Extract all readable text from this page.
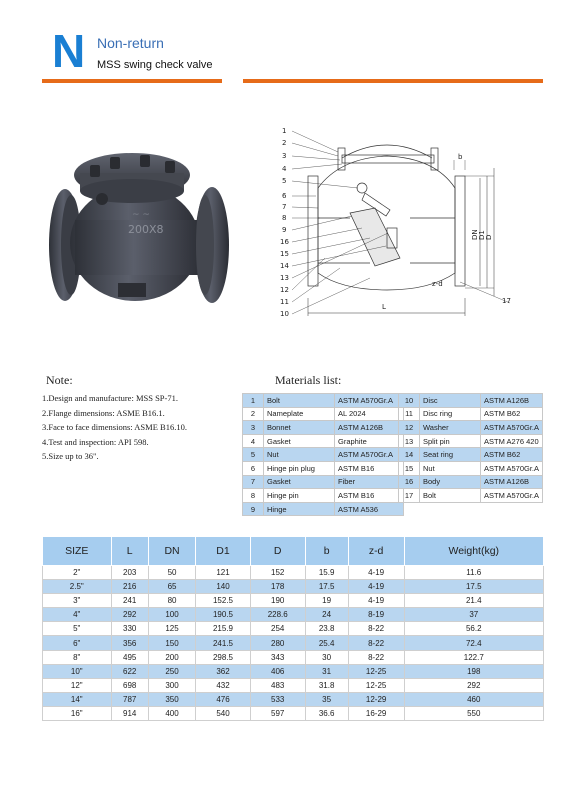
N Non-return
MSS swing check valve
200X8
~ ~
1
2
3
4
5
6
7
8
9
16
15
14
13
12
11
10
b
DN D1 D
z-d
17
L
Note:
1.Design and manufacture: MSS SP-71.
2.Flange dimensions: ASME B16.1.
3.Face to face dimensions: ASME B16.10.
4.Test and inspection: API 598.
5.Size up to 36".
Materials list:
1	Bolt	ASTM A570Gr.A
2	Nameplate	AL 2024
3	Bonnet	ASTM A126B
4	Gasket	Graphite
5	Nut	ASTM A570Gr.A
6	Hinge pin plug	ASTM B16
7	Gasket	Fiber
8	Hinge pin	ASTM B16
9	Hinge	ASTM A536
10	Disc	ASTM A126B
11	Disc ring	ASTM B62
12	Washer	ASTM A570Gr.A
13	Split pin	ASTM A276 420
14	Seat ring	ASTM B62
15	Nut	ASTM A570Gr.A
16	Body	ASTM A126B
17	Bolt	ASTM A570Gr.A
SIZE	L	DN	D1	D	b	z-d	Weight(kg)
2"	203	50	121	152	15.9	4-19	11.6
2.5"	216	65	140	178	17.5	4-19	17.5
3"	241	80	152.5	190	19	4-19	21.4
4"	292	100	190.5	228.6	24	8-19	37
5"	330	125	215.9	254	23.8	8-22	56.2
6"	356	150	241.5	280	25.4	8-22	72.4
8"	495	200	298.5	343	30	8-22	122.7
10"	622	250	362	406	31	12-25	198
12"	698	300	432	483	31.8	12-25	292
14"	787	350	476	533	35	12-29	460
16"	914	400	540	597	36.6	16-29	550
